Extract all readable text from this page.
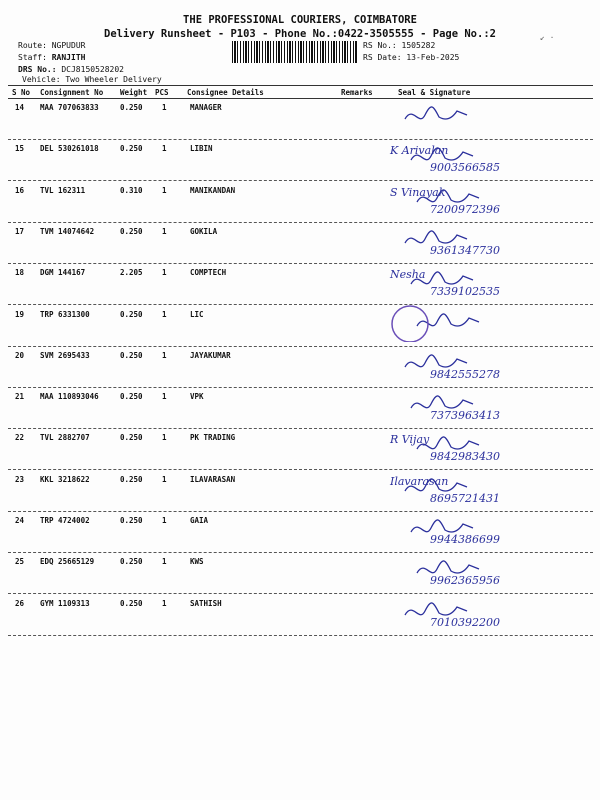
THE PROFESSIONAL COURIERS, COIMBATORE
Delivery Runsheet - P103 - Phone No.:0422-3505555 - Page No.:2
Route: NGPUDUR
Staff: RANJITH
DRS No.: DCJ8150528202
Vehicle: Two Wheeler Delivery
RS No.: 1505282
RS Date: 13-Feb-2025
S No Consignment No Weight PCS Consignee Details	Remarks	Seal & Signature
14 MAA 707063833	0.250	1	MANAGER
15 DEL 530261018	0.250	1	LIBIN	K Arivalan
9003566585
16 TVL 162311	0.310	1	MANIKANDAN	S Vinayak
7200972396
17 TVM 14074642	0.250	1	GOKILA
9361347730
18 DGM 144167	2.205	1	COMPTECH	Nesha
7339102535
19 TRP 6331300	0.250	1	LIC
20 SVM 2695433	0.250	1	JAYAKUMAR
9842555278
21 MAA 110893046	0.250	1	VPK
7373963413
22 TVL 2882707	0.250	1	PK TRADING	R Vijay
9842983430
23 KKL 3218622	0.250	1	ILAVARASAN	Ilavarasan
8695721431
24 TRP 4724002	0.250	1	GAIA
9944386699
25 EDQ 25665129	0.250	1	KWS
9962365956
26 GYM 1109313	0.250	1	SATHISH
7010392200
↙ ·
